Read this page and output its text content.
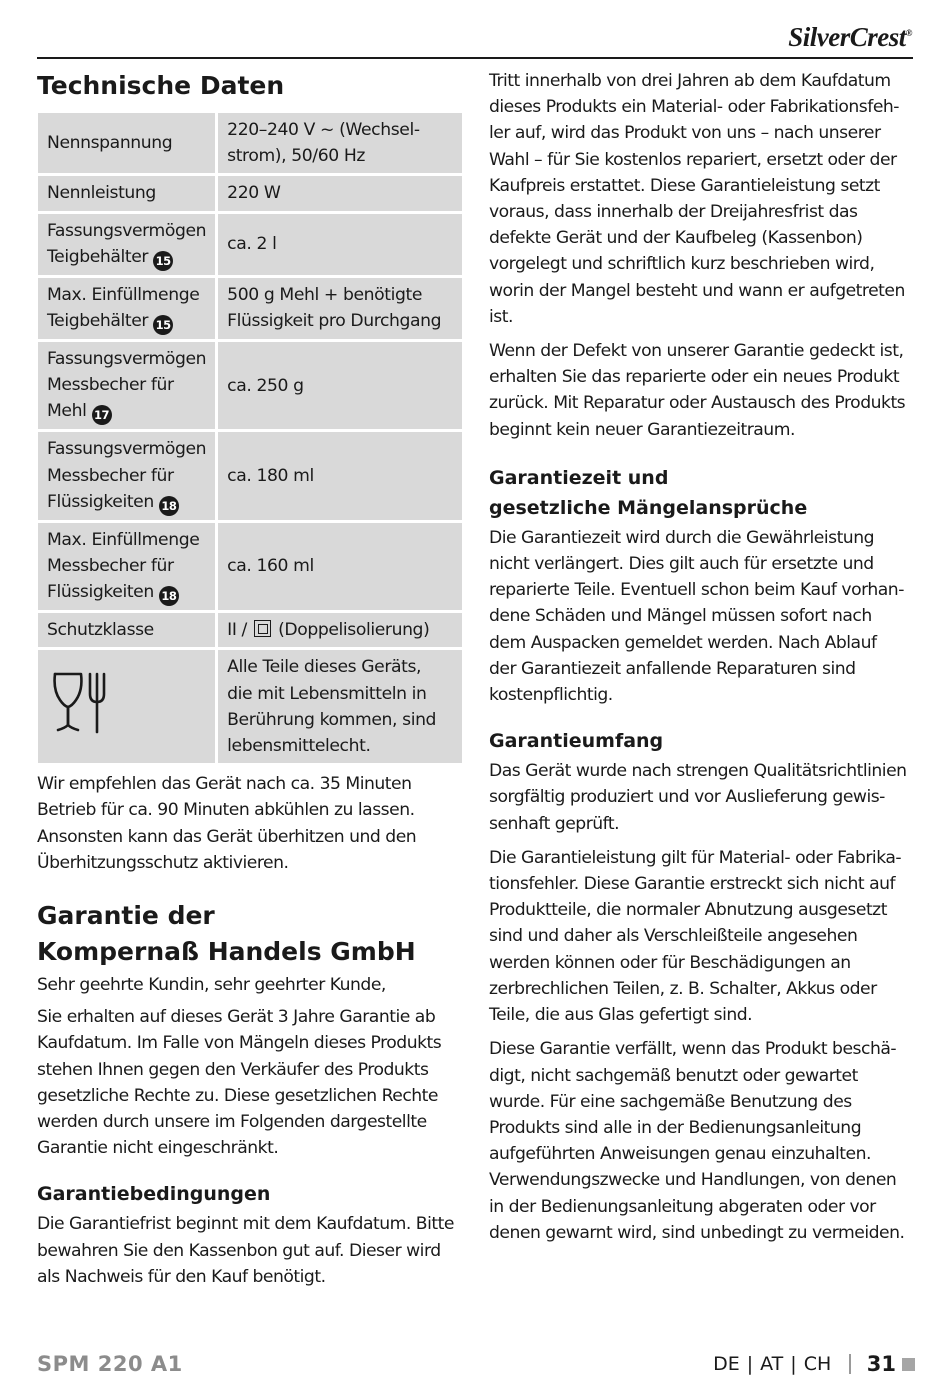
SilverCrest®
Technische Daten
Nennspannung	220–240 V ~ (Wechsel-
strom), 50/60 Hz
Nennleistung	220 W
Fassungsvermögen
Teigbehälter 15	ca. 2 l
Max. Einfüllmenge
Teigbehälter 15	500 g Mehl + benötigte
Flüssigkeit pro Durchgang
Fassungsvermögen
Messbecher für
Mehl 17	ca. 250 g
Fassungsvermögen
Messbecher für
Flüssigkeiten 18	ca. 180 ml
Max. Einfüllmenge
Messbecher für
Flüssigkeiten 18	ca. 160 ml
Schutzklasse	II / (Doppelisolierung)
	Alle Teile dieses Geräts,
die mit Lebensmitteln in
Berührung kommen, sind
lebensmittelecht.

Wir empfehlen das Gerät nach ca. 35 Minuten
Betrieb für ca. 90 Minuten abkühlen zu lassen.
Ansonsten kann das Gerät überhitzen und den
Überhitzungsschutz aktivieren.

Garantie der
Kompernaß Handels GmbH

Sehr geehrte Kundin, sehr geehrter Kunde,

Sie erhalten auf dieses Gerät 3 Jahre Garantie ab
Kaufdatum. Im Falle von Mängeln dieses Produkts
stehen Ihnen gegen den Verkäufer des Produkts
gesetzliche Rechte zu. Diese gesetzlichen Rechte
werden durch unsere im Folgenden dargestellte
Garantie nicht eingeschränkt.

Garantiebedingungen

Die Garantiefrist beginnt mit dem Kaufdatum. Bitte
bewahren Sie den Kassenbon gut auf. Dieser wird
als Nachweis für den Kauf benötigt.

Tritt innerhalb von drei Jahren ab dem Kaufdatum
dieses Produkts ein Material- oder Fabrikationsfeh-
ler auf, wird das Produkt von uns – nach unserer
Wahl – für Sie kostenlos repariert, ersetzt oder der
Kaufpreis erstattet. Diese Garantieleistung setzt
voraus, dass innerhalb der Dreijahresfrist das
defekte Gerät und der Kaufbeleg (Kassenbon)
vorgelegt und schriftlich kurz beschrieben wird,
worin der Mangel besteht und wann er aufgetreten
ist.

Wenn der Defekt von unserer Garantie gedeckt ist,
erhalten Sie das reparierte oder ein neues Produkt
zurück. Mit Reparatur oder Austausch des Produkts
beginnt kein neuer Garantiezeitraum.

Garantiezeit und
gesetzliche Mängelansprüche

Die Garantiezeit wird durch die Gewährleistung
nicht verlängert. Dies gilt auch für ersetzte und
reparierte Teile. Eventuell schon beim Kauf vorhan-
dene Schäden und Mängel müssen sofort nach
dem Auspacken gemeldet werden. Nach Ablauf
der Garantiezeit anfallende Reparaturen sind
kostenpflichtig.

Garantieumfang

Das Gerät wurde nach strengen Qualitätsrichtlinien
sorgfältig produziert und vor Auslieferung gewis-
senhaft geprüft.

Die Garantieleistung gilt für Material- oder Fabrika-
tionsfehler. Diese Garantie erstreckt sich nicht auf
Produktteile, die normaler Abnutzung ausgesetzt
sind und daher als Verschleißteile angesehen
werden können oder für Beschädigungen an
zerbrechlichen Teilen, z. B. Schalter, Akkus oder
Teile, die aus Glas gefertigt sind.

Diese Garantie verfällt, wenn das Produkt beschä-
digt, nicht sachgemäß benutzt oder gewartet
wurde. Für eine sachgemäße Benutzung des
Produkts sind alle in der Bedienungsanleitung
aufgeführten Anweisungen genau einzuhalten.
Verwendungszwecke und Handlungen, von denen
in der Bedienungsanleitung abgeraten oder vor
denen gewarnt wird, sind unbedingt zu vermeiden.

SPM 220 A1	DE | AT | CH 31
